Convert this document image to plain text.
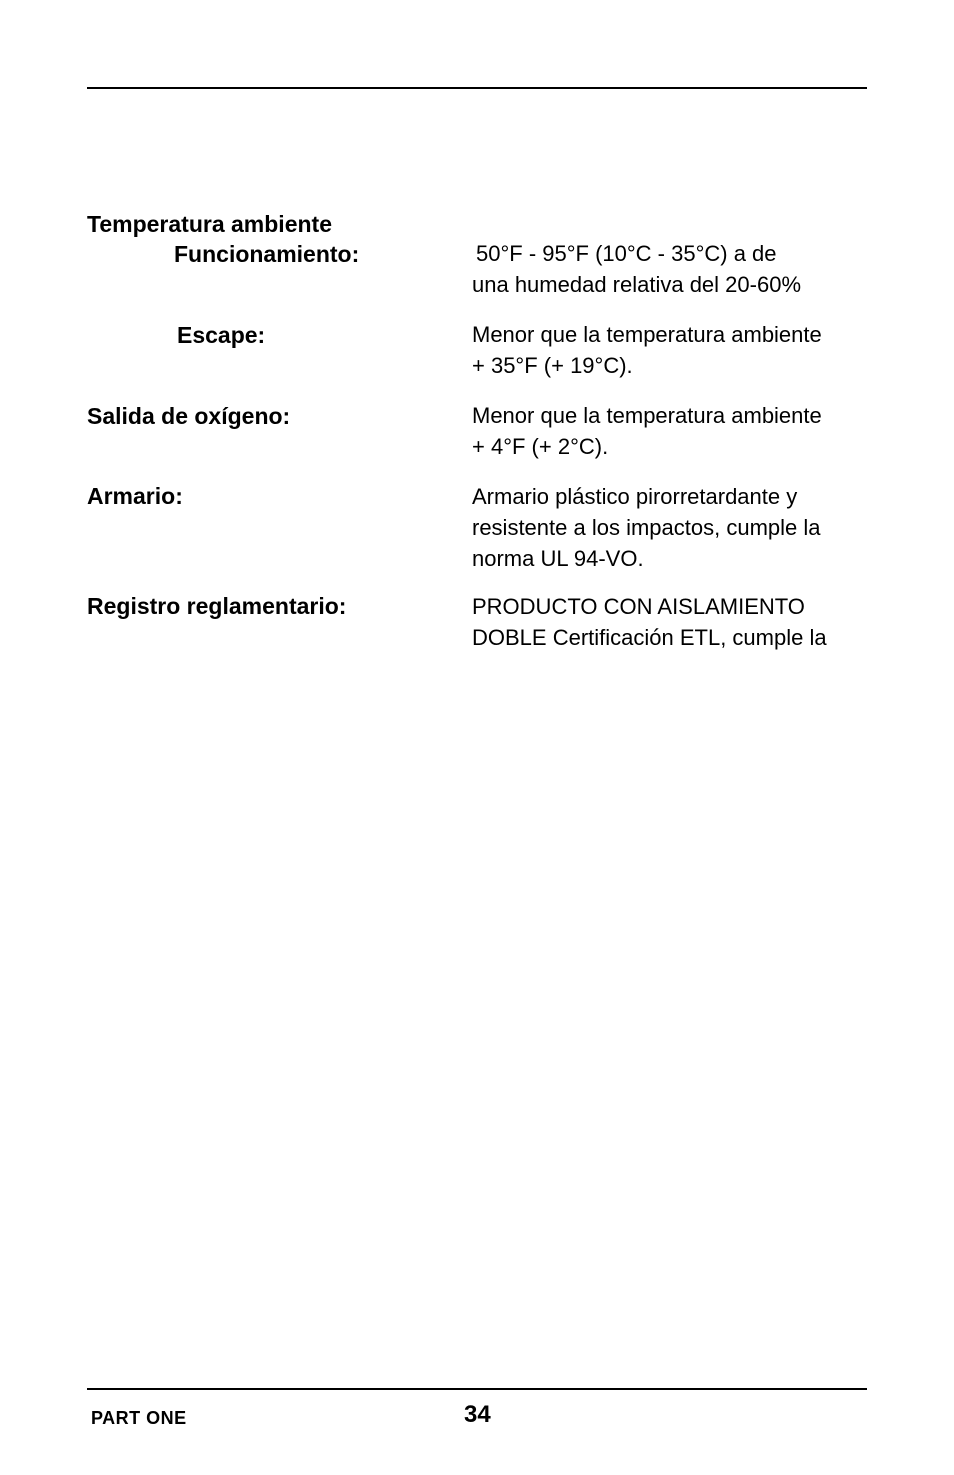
Temperatura ambiente
Funcionamiento:	50°F - 95°F (10°C - 35°C) a de
una humedad relativa del 20-60%
Escape:	Menor que la temperatura ambiente
+ 35°F (+ 19°C).
Salida de oxígeno:	Menor que la temperatura ambiente
+ 4°F (+ 2°C).
Armario:	Armario plástico pirorretardante y
resistente a los impactos, cumple la
norma UL 94-VO.
Registro reglamentario:	PRODUCTO CON AISLAMIENTO
DOBLE Certificación ETL, cumple la
PART ONE	34
